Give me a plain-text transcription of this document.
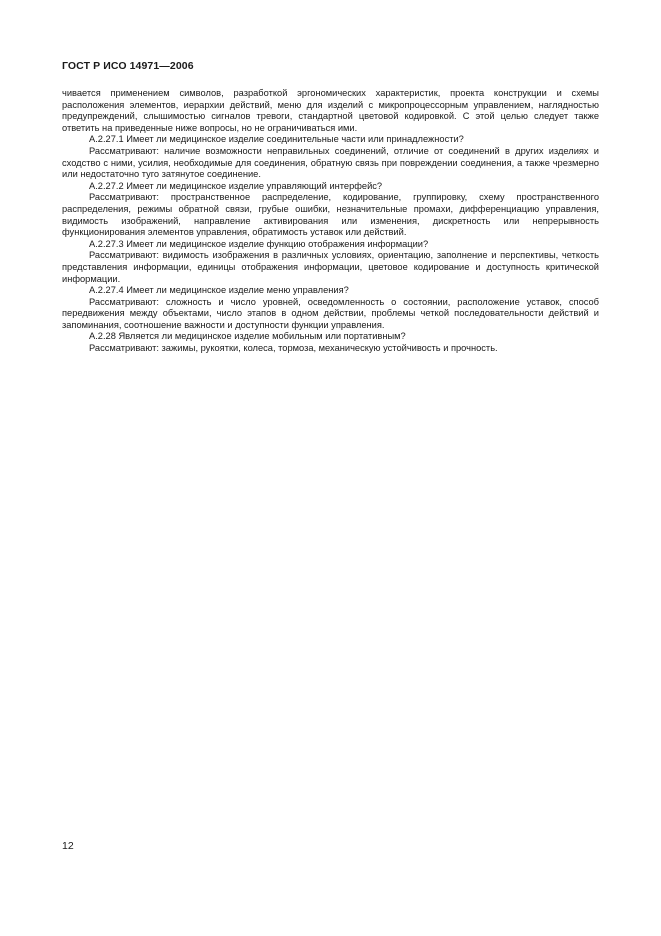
ГОСТ Р ИСО 14971—2006

чивается применением символов, разработкой эргономических характеристик, проекта конструкции и схемы расположения элементов, иерархии действий, меню для изделий с микропроцессорным управлением, наглядностью предупреждений, слышимостью сигналов тревоги, стандартной цветовой кодировкой. С этой целью следует также ответить на приведенные ниже вопросы, но не ограничиваться ими.

А.2.27.1 Имеет ли медицинское изделие соединительные части или принадлежности?

Рассматривают: наличие возможности неправильных соединений, отличие от соединений в других изделиях и сходство с ними, усилия, необходимые для соединения, обратную связь при повреждении соединения, а также чрезмерно или недостаточно туго затянутое соединение.

А.2.27.2 Имеет ли медицинское изделие управляющий интерфейс?

Рассматривают: пространственное распределение, кодирование, группировку, схему пространственного распределения, режимы обратной связи, грубые ошибки, незначительные промахи, дифференциацию управления, видимость изображений, направление активирования или изменения, дискретность или непрерывность функционирования элементов управления, обратимость уставок или действий.

А.2.27.3 Имеет ли медицинское изделие функцию отображения информации?

Рассматривают: видимость изображения в различных условиях, ориентацию, заполнение и перспективы, четкость представления информации, единицы отображения информации, цветовое кодирование и доступность критической информации.

А.2.27.4 Имеет ли медицинское изделие меню управления?

Рассматривают: сложность и число уровней, осведомленность о состоянии, расположение уставок, способ передвижения между объектами, число этапов в одном действии, проблемы четкой последовательности действий и запоминания, соотношение важности и доступности функции управления.

А.2.28 Является ли медицинское изделие мобильным или портативным?

Рассматривают: зажимы, рукоятки, колеса, тормоза, механическую устойчивость и прочность.

12
